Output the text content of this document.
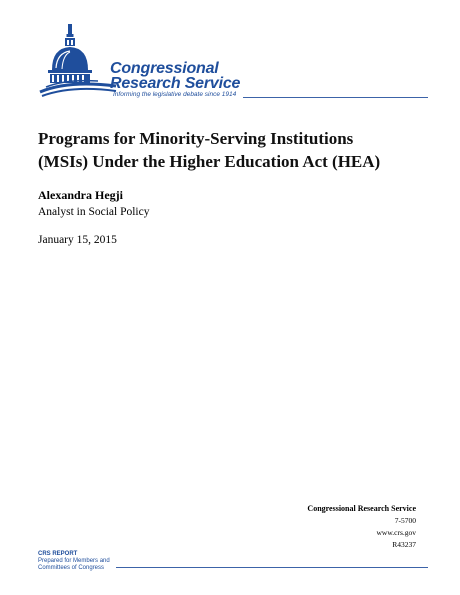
Congressional
Research Service
Informing the legislative debate since 1914
Programs for Minority-Serving Institutions
(MSIs) Under the Higher Education Act (HEA)
Alexandra Hegji
Analyst in Social Policy
January 15, 2015
Congressional Research Service
7-5700
www.crs.gov
R43237
CRS REPORT
Prepared for Members and
Committees of Congress
